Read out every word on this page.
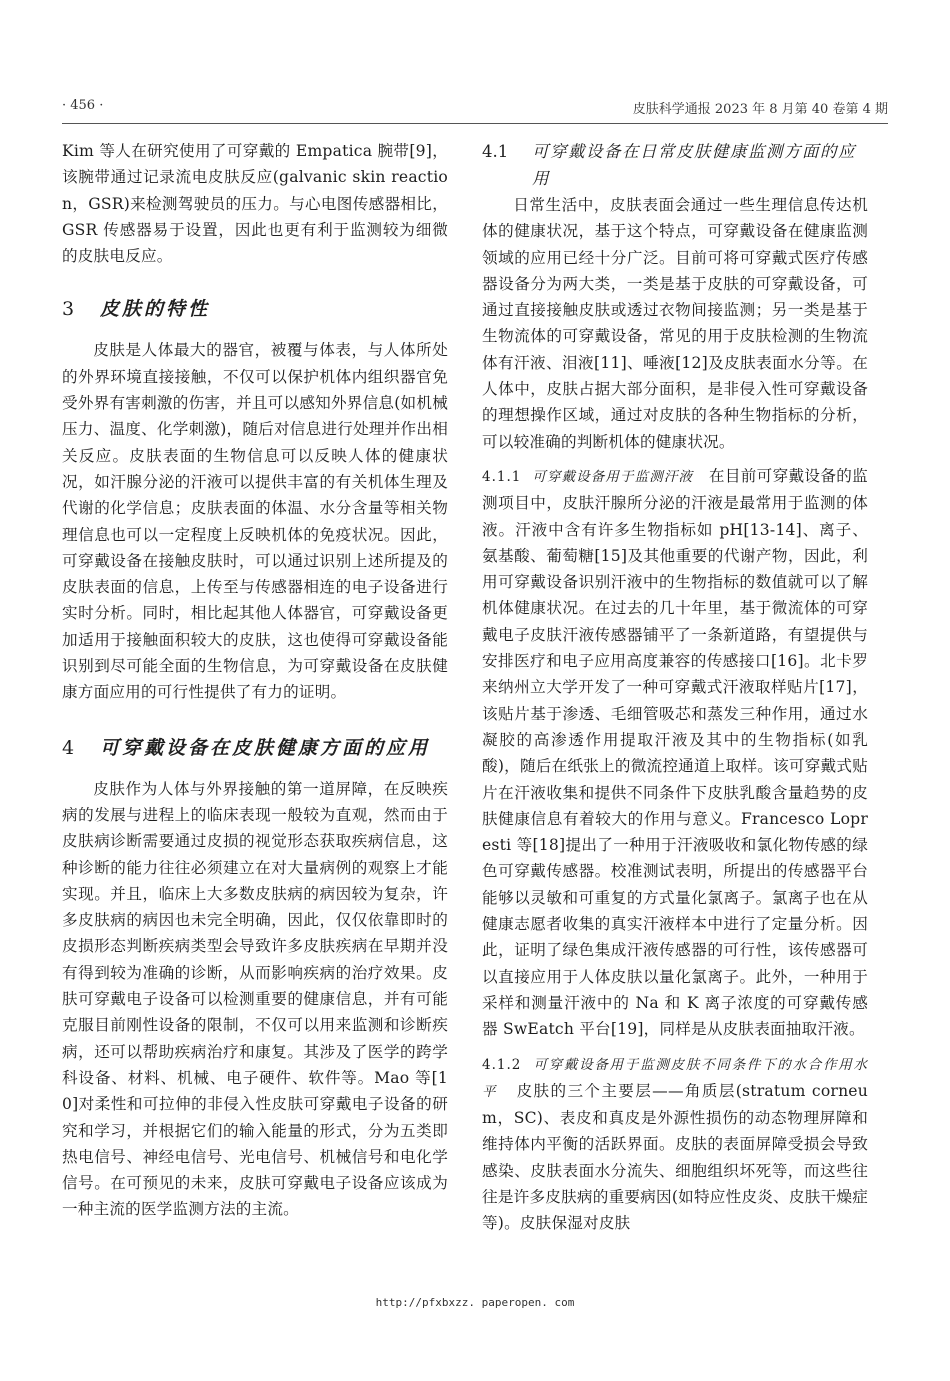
· 456 ·	皮肤科学通报 2023 年 8 月第 40 卷第 4 期

Kim 等人在研究使用了可穿戴的 Empatica 腕带[9]，该腕带通过记录流电皮肤反应(galvanic skin reaction，GSR)来检测驾驶员的压力。与心电图传感器相比，GSR 传感器易于设置，因此也更有利于监测较为细微的皮肤电反应。

3 皮肤的特性

皮肤是人体最大的器官，被覆与体表，与人体所处的外界环境直接接触，不仅可以保护机体内组织器官免受外界有害刺激的伤害，并且可以感知外界信息(如机械压力、温度、化学刺激)，随后对信息进行处理并作出相关反应。皮肤表面的生物信息可以反映人体的健康状况，如汗腺分泌的汗液可以提供丰富的有关机体生理及代谢的化学信息；皮肤表面的体温、水分含量等相关物理信息也可以一定程度上反映机体的免疫状况。因此，可穿戴设备在接触皮肤时，可以通过识别上述所提及的皮肤表面的信息，上传至与传感器相连的电子设备进行实时分析。同时，相比起其他人体器官，可穿戴设备更加适用于接触面积较大的皮肤，这也使得可穿戴设备能识别到尽可能全面的生物信息，为可穿戴设备在皮肤健康方面应用的可行性提供了有力的证明。

4 可穿戴设备在皮肤健康方面的应用

皮肤作为人体与外界接触的第一道屏障，在反映疾病的发展与进程上的临床表现一般较为直观，然而由于皮肤病诊断需要通过皮损的视觉形态获取疾病信息，这种诊断的能力往往必须建立在对大量病例的观察上才能实现。并且，临床上大多数皮肤病的病因较为复杂，许多皮肤病的病因也未完全明确，因此，仅仅依靠即时的皮损形态判断疾病类型会导致许多皮肤疾病在早期并没有得到较为准确的诊断，从而影响疾病的治疗效果。皮肤可穿戴电子设备可以检测重要的健康信息，并有可能克服目前刚性设备的限制，不仅可以用来监测和诊断疾病，还可以帮助疾病治疗和康复。其涉及了医学的跨学科设备、材料、机械、电子硬件、软件等。Mao 等[10]对柔性和可拉伸的非侵入性皮肤可穿戴电子设备的研究和学习，并根据它们的输入能量的形式，分为五类即热电信号、神经电信号、光电信号、机械信号和电化学信号。在可预见的未来，皮肤可穿戴电子设备应该成为一种主流的医学监测方法的主流。

4.1 可穿戴设备在日常皮肤健康监测方面的应用

日常生活中，皮肤表面会通过一些生理信息传达机体的健康状况，基于这个特点，可穿戴设备在健康监测领域的应用已经十分广泛。目前可将可穿戴式医疗传感器设备分为两大类，一类是基于皮肤的可穿戴设备，可通过直接接触皮肤或透过衣物间接监测；另一类是基于生物流体的可穿戴设备，常见的用于皮肤检测的生物流体有汗液、泪液[11]、唾液[12]及皮肤表面水分等。在人体中，皮肤占据大部分面积，是非侵入性可穿戴设备的理想操作区域，通过对皮肤的各种生物指标的分析，可以较准确的判断机体的健康状况。

4.1.1 可穿戴设备用于监测汗液 在目前可穿戴设备的监测项目中，皮肤汗腺所分泌的汗液是最常用于监测的体液。汗液中含有许多生物指标如 pH[13-14]、离子、氨基酸、葡萄糖[15]及其他重要的代谢产物，因此，利用可穿戴设备识别汗液中的生物指标的数值就可以了解机体健康状况。在过去的几十年里，基于微流体的可穿戴电子皮肤汗液传感器铺平了一条新道路，有望提供与安排医疗和电子应用高度兼容的传感接口[16]。北卡罗来纳州立大学开发了一种可穿戴式汗液取样贴片[17]，该贴片基于渗透、毛细管吸芯和蒸发三种作用，通过水凝胶的高渗透作用提取汗液及其中的生物指标(如乳酸)，随后在纸张上的微流控通道上取样。该可穿戴式贴片在汗液收集和提供不同条件下皮肤乳酸含量趋势的皮肤健康信息有着较大的作用与意义。Francesco Lopresti 等[18]提出了一种用于汗液吸收和氯化物传感的绿色可穿戴传感器。校准测试表明，所提出的传感器平台能够以灵敏和可重复的方式量化氯离子。氯离子也在从健康志愿者收集的真实汗液样本中进行了定量分析。因此，证明了绿色集成汗液传感器的可行性，该传感器可以直接应用于人体皮肤以量化氯离子。此外，一种用于采样和测量汗液中的 Na 和 K 离子浓度的可穿戴传感器 SwEatch 平台[19]，同样是从皮肤表面抽取汗液。

4.1.2 可穿戴设备用于监测皮肤不同条件下的水合作用水平 皮肤的三个主要层——角质层(stratum corneum，SC)、表皮和真皮是外源性损伤的动态物理屏障和维持体内平衡的活跃界面。皮肤的表面屏障受损会导致感染、皮肤表面水分流失、细胞组织坏死等，而这些往往是许多皮肤病的重要病因(如特应性皮炎、皮肤干燥症等)。皮肤保湿对皮肤

http://pfxbxzz. paperopen. com
